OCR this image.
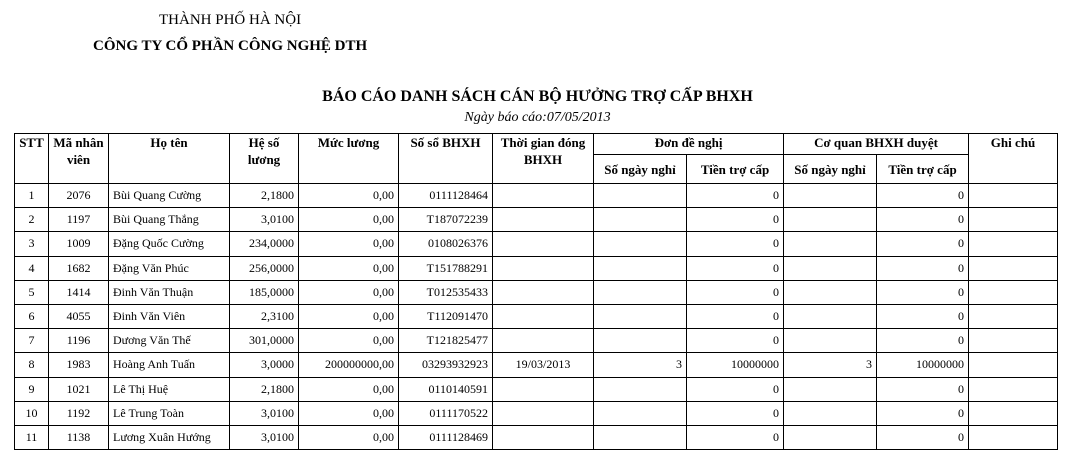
THÀNH PHỐ HÀ NỘI
CÔNG TY CỔ PHẦN CÔNG NGHỆ DTH
BÁO CÁO DANH SÁCH CÁN BỘ HƯỞNG TRỢ CẤP BHXH
Ngày báo cáo:07/05/2013
STT	Mã nhân viên	Họ tên	Hệ số lương	Mức lương	Số sổ BHXH	Thời gian đóng BHXH	Đơn đề nghị		Cơ quan BHXH duyệt		Ghi chú
							Số ngày nghỉ	Tiền trợ cấp	Số ngày nghỉ	Tiền trợ cấp	
1	2076	Bùi Quang Cường	2,1800	0,00	0111128464			0		0	
2	1197	Bùi Quang Thắng	3,0100	0,00	T187072239			0		0	
3	1009	Đặng Quốc Cường	234,0000	0,00	0108026376			0		0	
4	1682	Đặng Văn Phúc	256,0000	0,00	T151788291			0		0	
5	1414	Đinh Văn Thuận	185,0000	0,00	T012535433			0		0	
6	4055	Đinh Văn Viên	2,3100	0,00	T112091470			0		0	
7	1196	Dương Văn Thế	301,0000	0,00	T121825477			0		0	
8	1983	Hoàng Anh Tuấn	3,0000	200000000,00	03293932923	19/03/2013	3	10000000	3	10000000	
9	1021	Lê Thị Huệ	2,1800	0,00	0110140591			0		0	
10	1192	Lê Trung Toàn	3,0100	0,00	0111170522			0		0	
11	1138	Lương Xuân Hướng	3,0100	0,00	0111128469			0		0	
